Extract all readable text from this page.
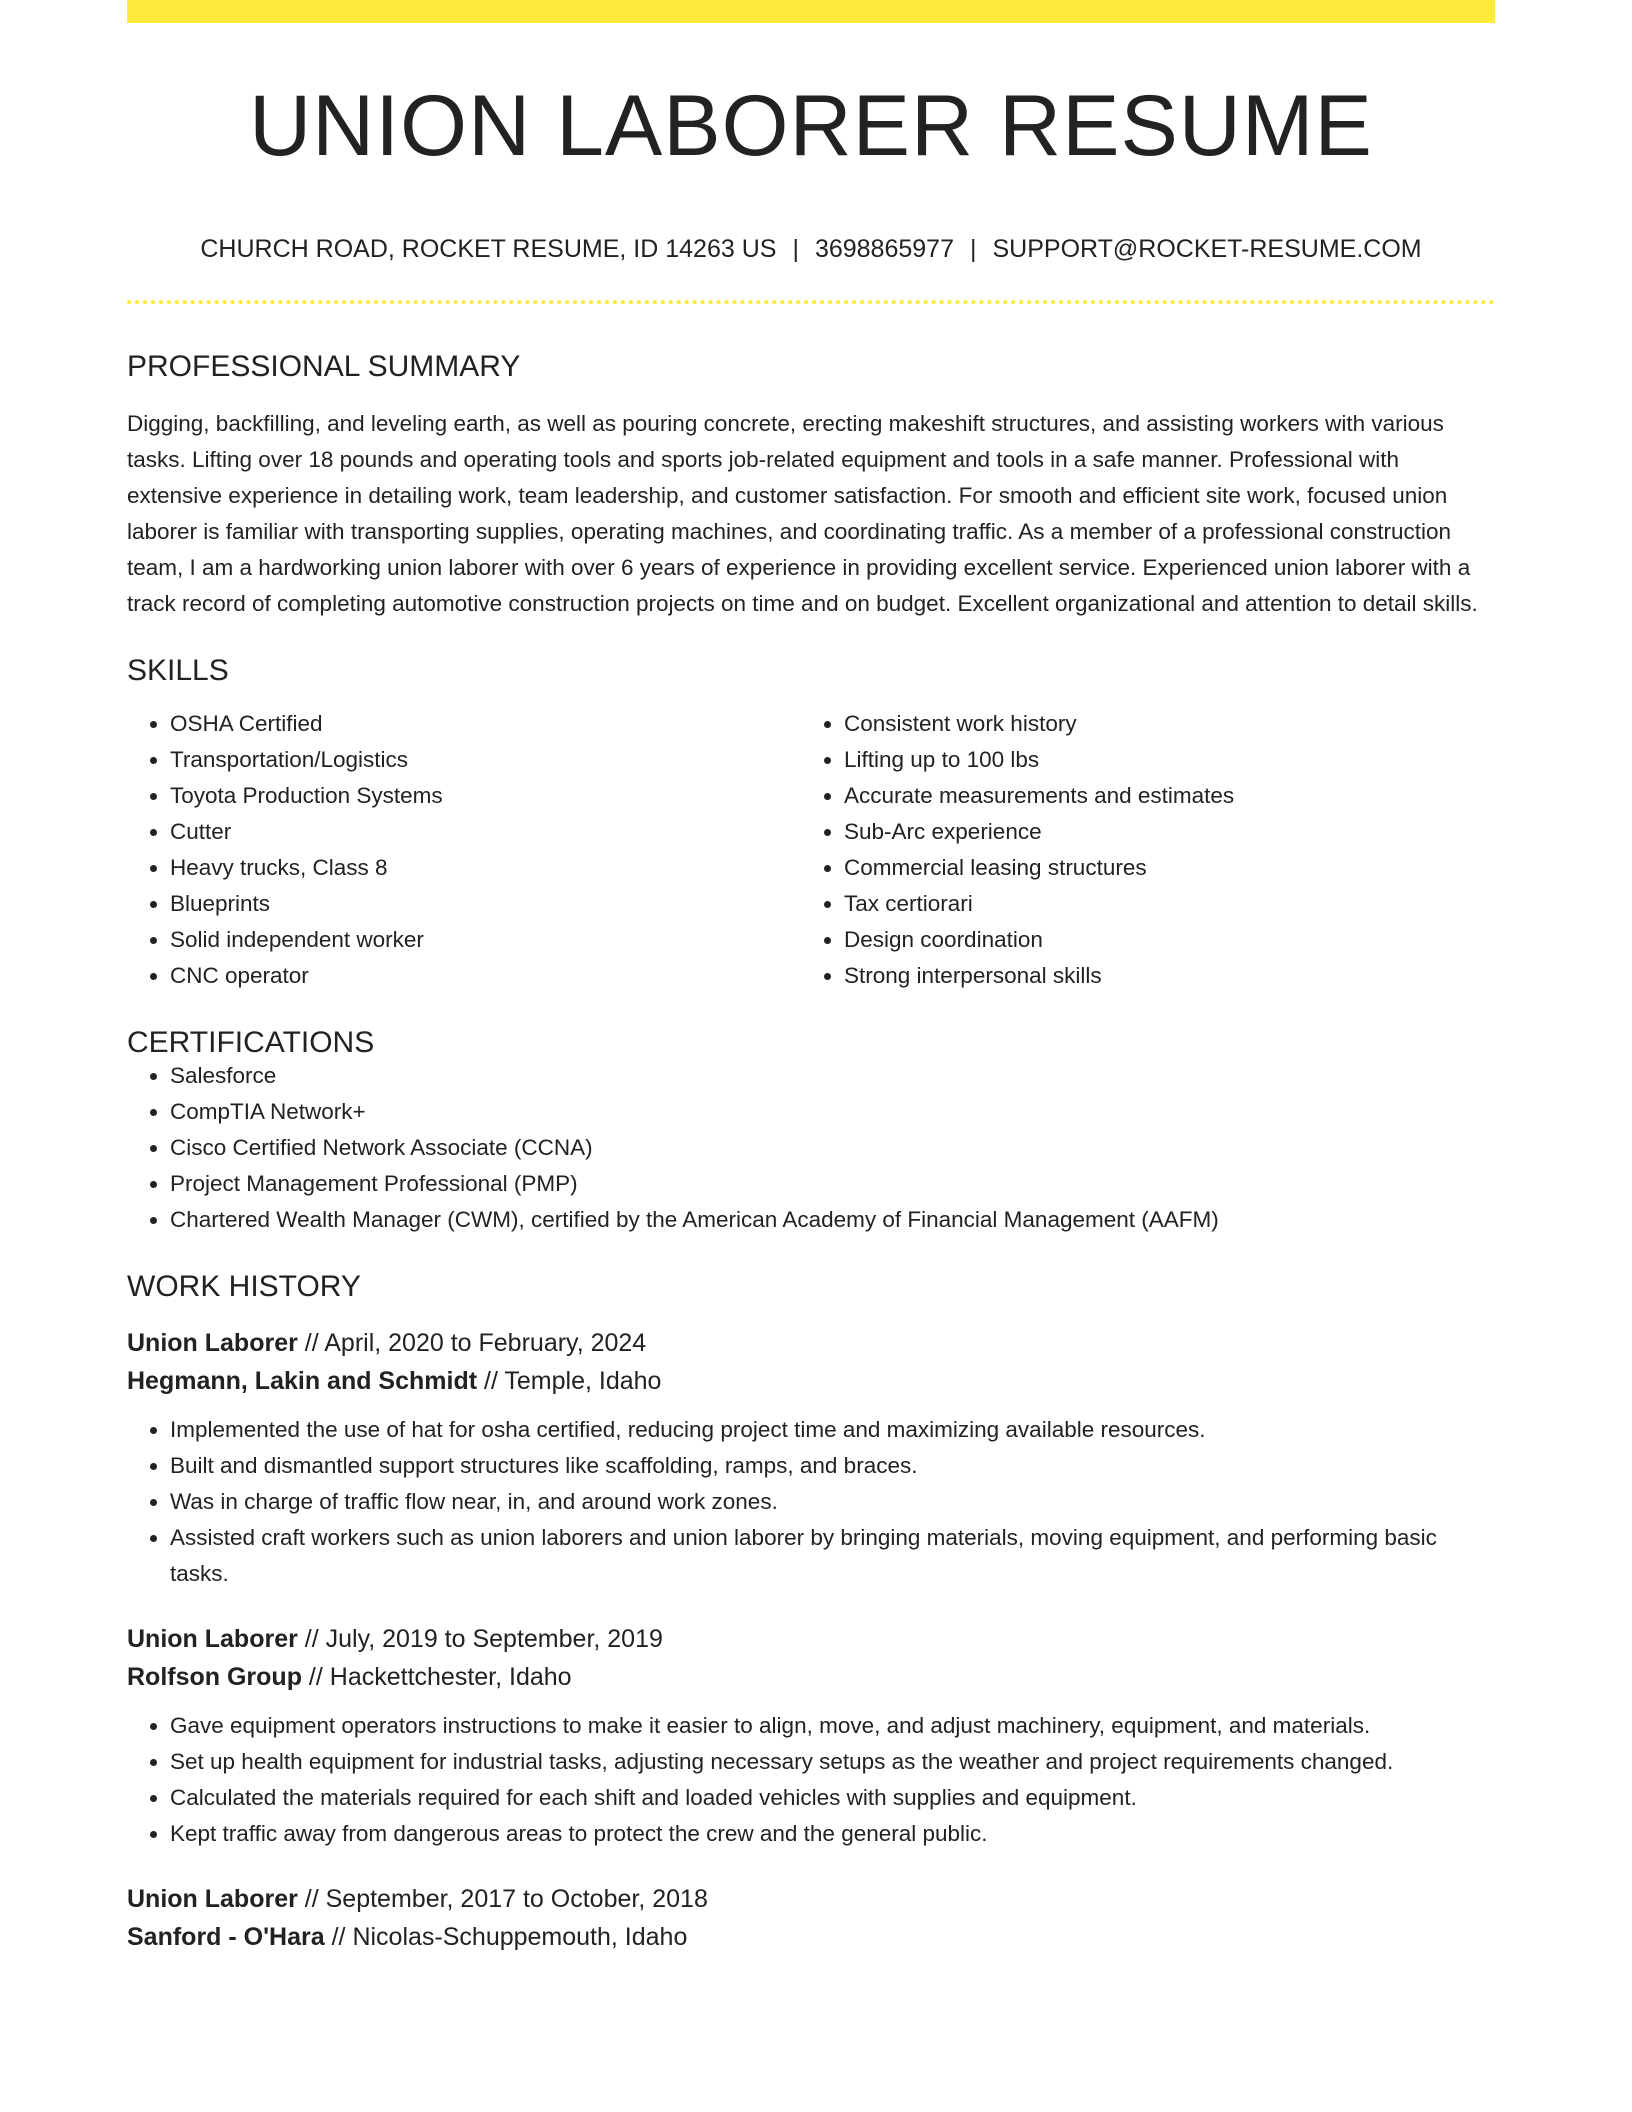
UNION LABORER RESUME
CHURCH ROAD, ROCKET RESUME, ID 14263 US | 3698865977 | SUPPORT@ROCKET-RESUME.COM
PROFESSIONAL SUMMARY

Digging, backfilling, and leveling earth, as well as pouring concrete, erecting makeshift structures, and assisting workers with various tasks. Lifting over 18 pounds and operating tools and sports job-related equipment and tools in a safe manner. Professional with extensive experience in detailing work, team leadership, and customer satisfaction. For smooth and efficient site work, focused union laborer is familiar with transporting supplies, operating machines, and coordinating traffic. As a member of a professional construction team, I am a hardworking union laborer with over 6 years of experience in providing excellent service. Experienced union laborer with a track record of completing automotive construction projects on time and on budget. Excellent organizational and attention to detail skills.

SKILLS
• OSHA Certified
• Transportation/Logistics
• Toyota Production Systems
• Cutter
• Heavy trucks, Class 8
• Blueprints
• Solid independent worker
• CNC operator
• Consistent work history
• Lifting up to 100 lbs
• Accurate measurements and estimates
• Sub-Arc experience
• Commercial leasing structures
• Tax certiorari
• Design coordination
• Strong interpersonal skills
CERTIFICATIONS
• Salesforce
• CompTIA Network+
• Cisco Certified Network Associate (CCNA)
• Project Management Professional (PMP)
• Chartered Wealth Manager (CWM), certified by the American Academy of Financial Management (AAFM)
WORK HISTORY
Union Laborer // April, 2020 to February, 2024
Hegmann, Lakin and Schmidt // Temple, Idaho
• Implemented the use of hat for osha certified, reducing project time and maximizing available resources.
• Built and dismantled support structures like scaffolding, ramps, and braces.
• Was in charge of traffic flow near, in, and around work zones.
• Assisted craft workers such as union laborers and union laborer by bringing materials, moving equipment, and performing basic tasks.
Union Laborer // July, 2019 to September, 2019
Rolfson Group // Hackettchester, Idaho
• Gave equipment operators instructions to make it easier to align, move, and adjust machinery, equipment, and materials.
• Set up health equipment for industrial tasks, adjusting necessary setups as the weather and project requirements changed.
• Calculated the materials required for each shift and loaded vehicles with supplies and equipment.
• Kept traffic away from dangerous areas to protect the crew and the general public.
Union Laborer // September, 2017 to October, 2018
Sanford - O'Hara // Nicolas-Schuppemouth, Idaho
